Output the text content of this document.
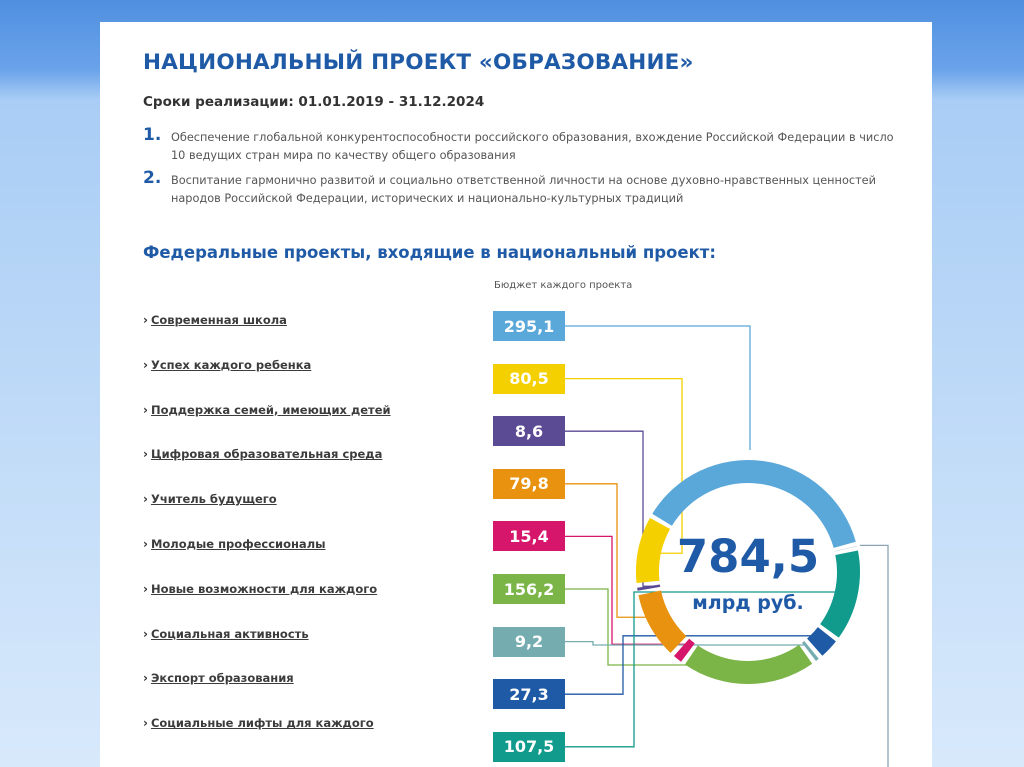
НАЦИОНАЛЬНЫЙ ПРОЕКТ «ОБРАЗОВАНИЕ»
Сроки реализации: 01.01.2019 - 31.12.2024
1. Обеспечение глобальной конкурентоспособности российского образования, вхождение Российской Федерации в число 10 ведущих стран мира по качеству общего образования
2. Воспитание гармонично развитой и социально ответственной личности на основе духовно-нравственных ценностей народов Российской Федерации, исторических и национально-культурных традиций
Федеральные проекты, входящие в национальный проект:
Бюджет каждого проекта
› Современная школа
› Успех каждого ребенка
› Поддержка семей, имеющих детей
› Цифровая образовательная среда
› Учитель будущего
› Молодые профессионалы
› Новые возможности для каждого
› Социальная активность
› Экспорт образования
› Социальные лифты для каждого
295,1
80,5
8,6
79,8
15,4
156,2
9,2
27,3
107,5
784,5
млрд руб.
